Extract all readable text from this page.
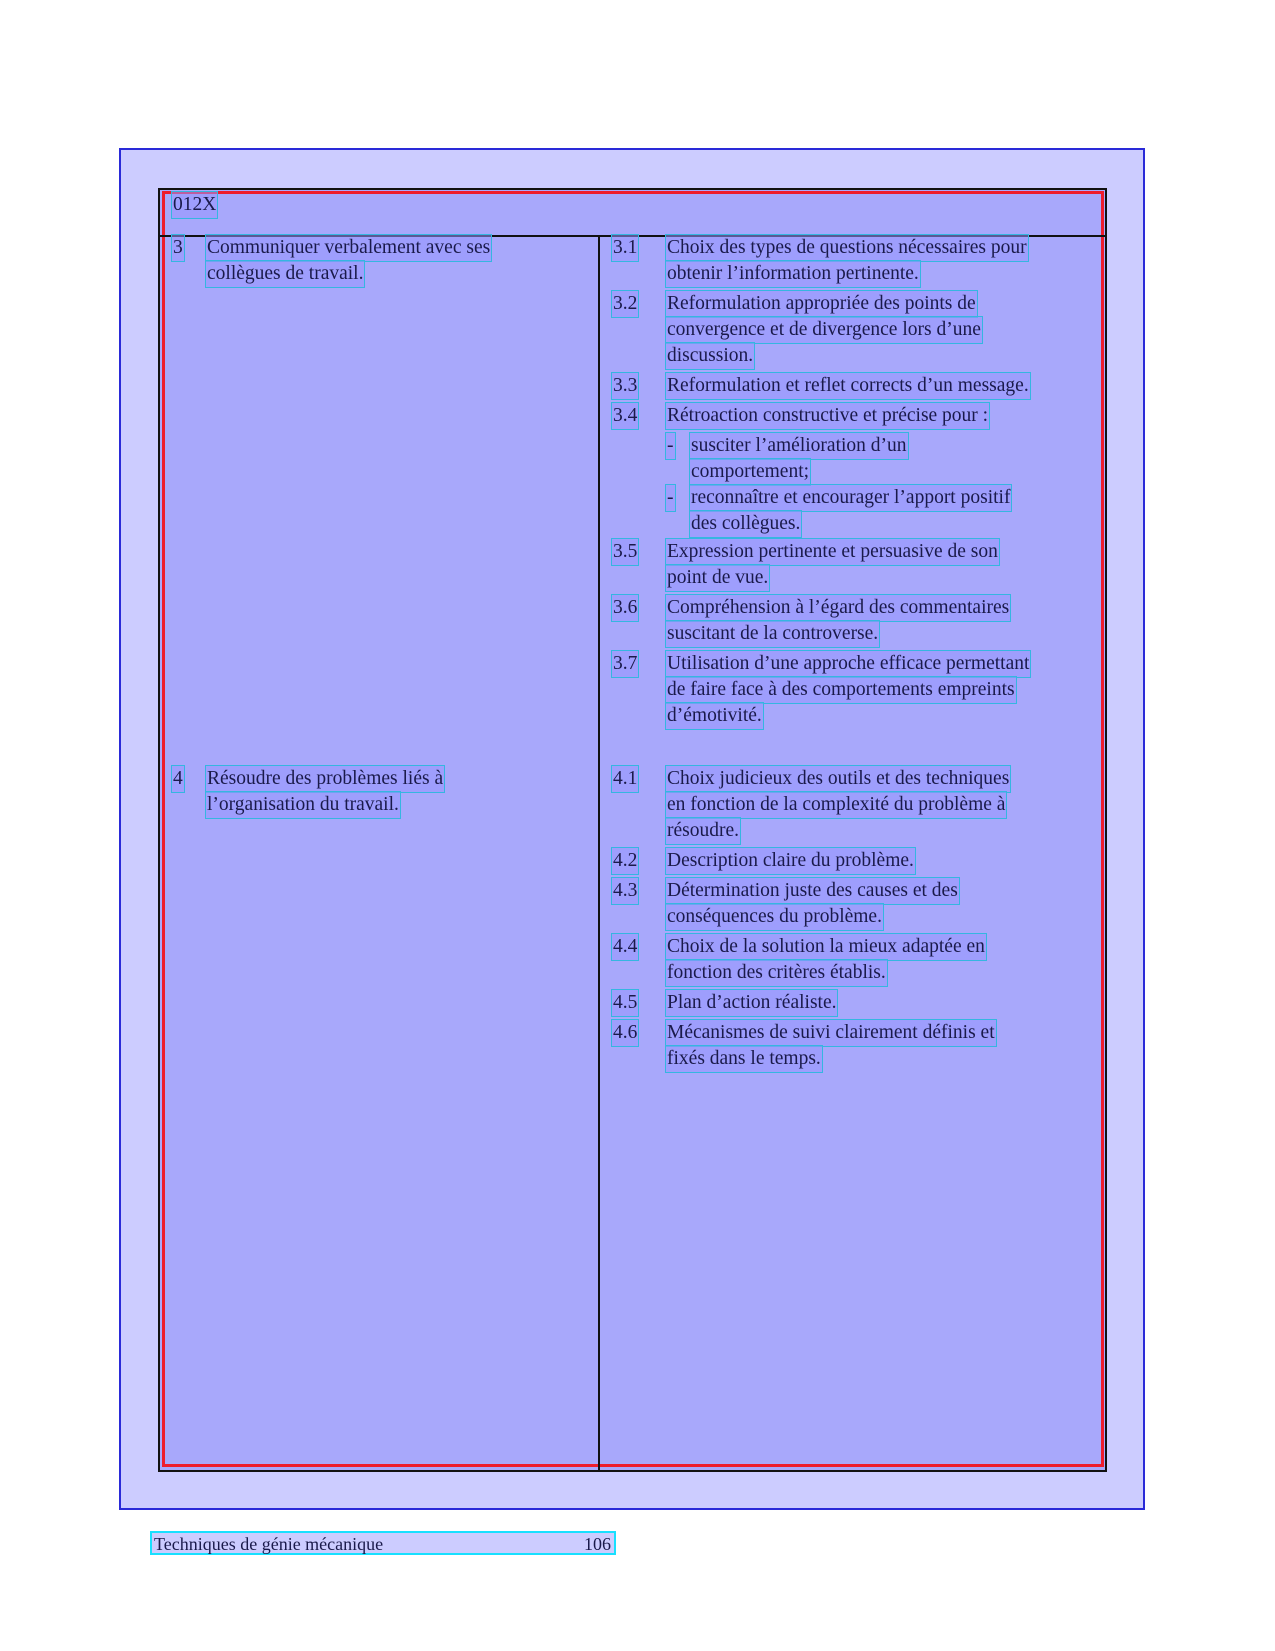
012X
3 Communiquer verbalement avec ses
collègues de travail.
3.1 Choix des types de questions nécessaires pour
obtenir l’information pertinente.
3.2 Reformulation appropriée des points de
convergence et de divergence lors d’une
discussion.
3.3 Reformulation et reflet corrects d’un message.
3.4 Rétroaction constructive et précise pour :
- susciter l’amélioration d’un
comportement;
- reconnaître et encourager l’apport positif
des collègues.
3.5 Expression pertinente et persuasive de son
point de vue.
3.6 Compréhension à l’égard des commentaires
suscitant de la controverse.
3.7 Utilisation d’une approche efficace permettant
de faire face à des comportements empreints
d’émotivité.
4 Résoudre des problèmes liés à
l’organisation du travail.
4.1 Choix judicieux des outils et des techniques
en fonction de la complexité du problème à
résoudre.
4.2 Description claire du problème.
4.3 Détermination juste des causes et des
conséquences du problème.
4.4 Choix de la solution la mieux adaptée en
fonction des critères établis.
4.5 Plan d’action réaliste.
4.6 Mécanismes de suivi clairement définis et
fixés dans le temps.
Techniques de génie mécanique	106
